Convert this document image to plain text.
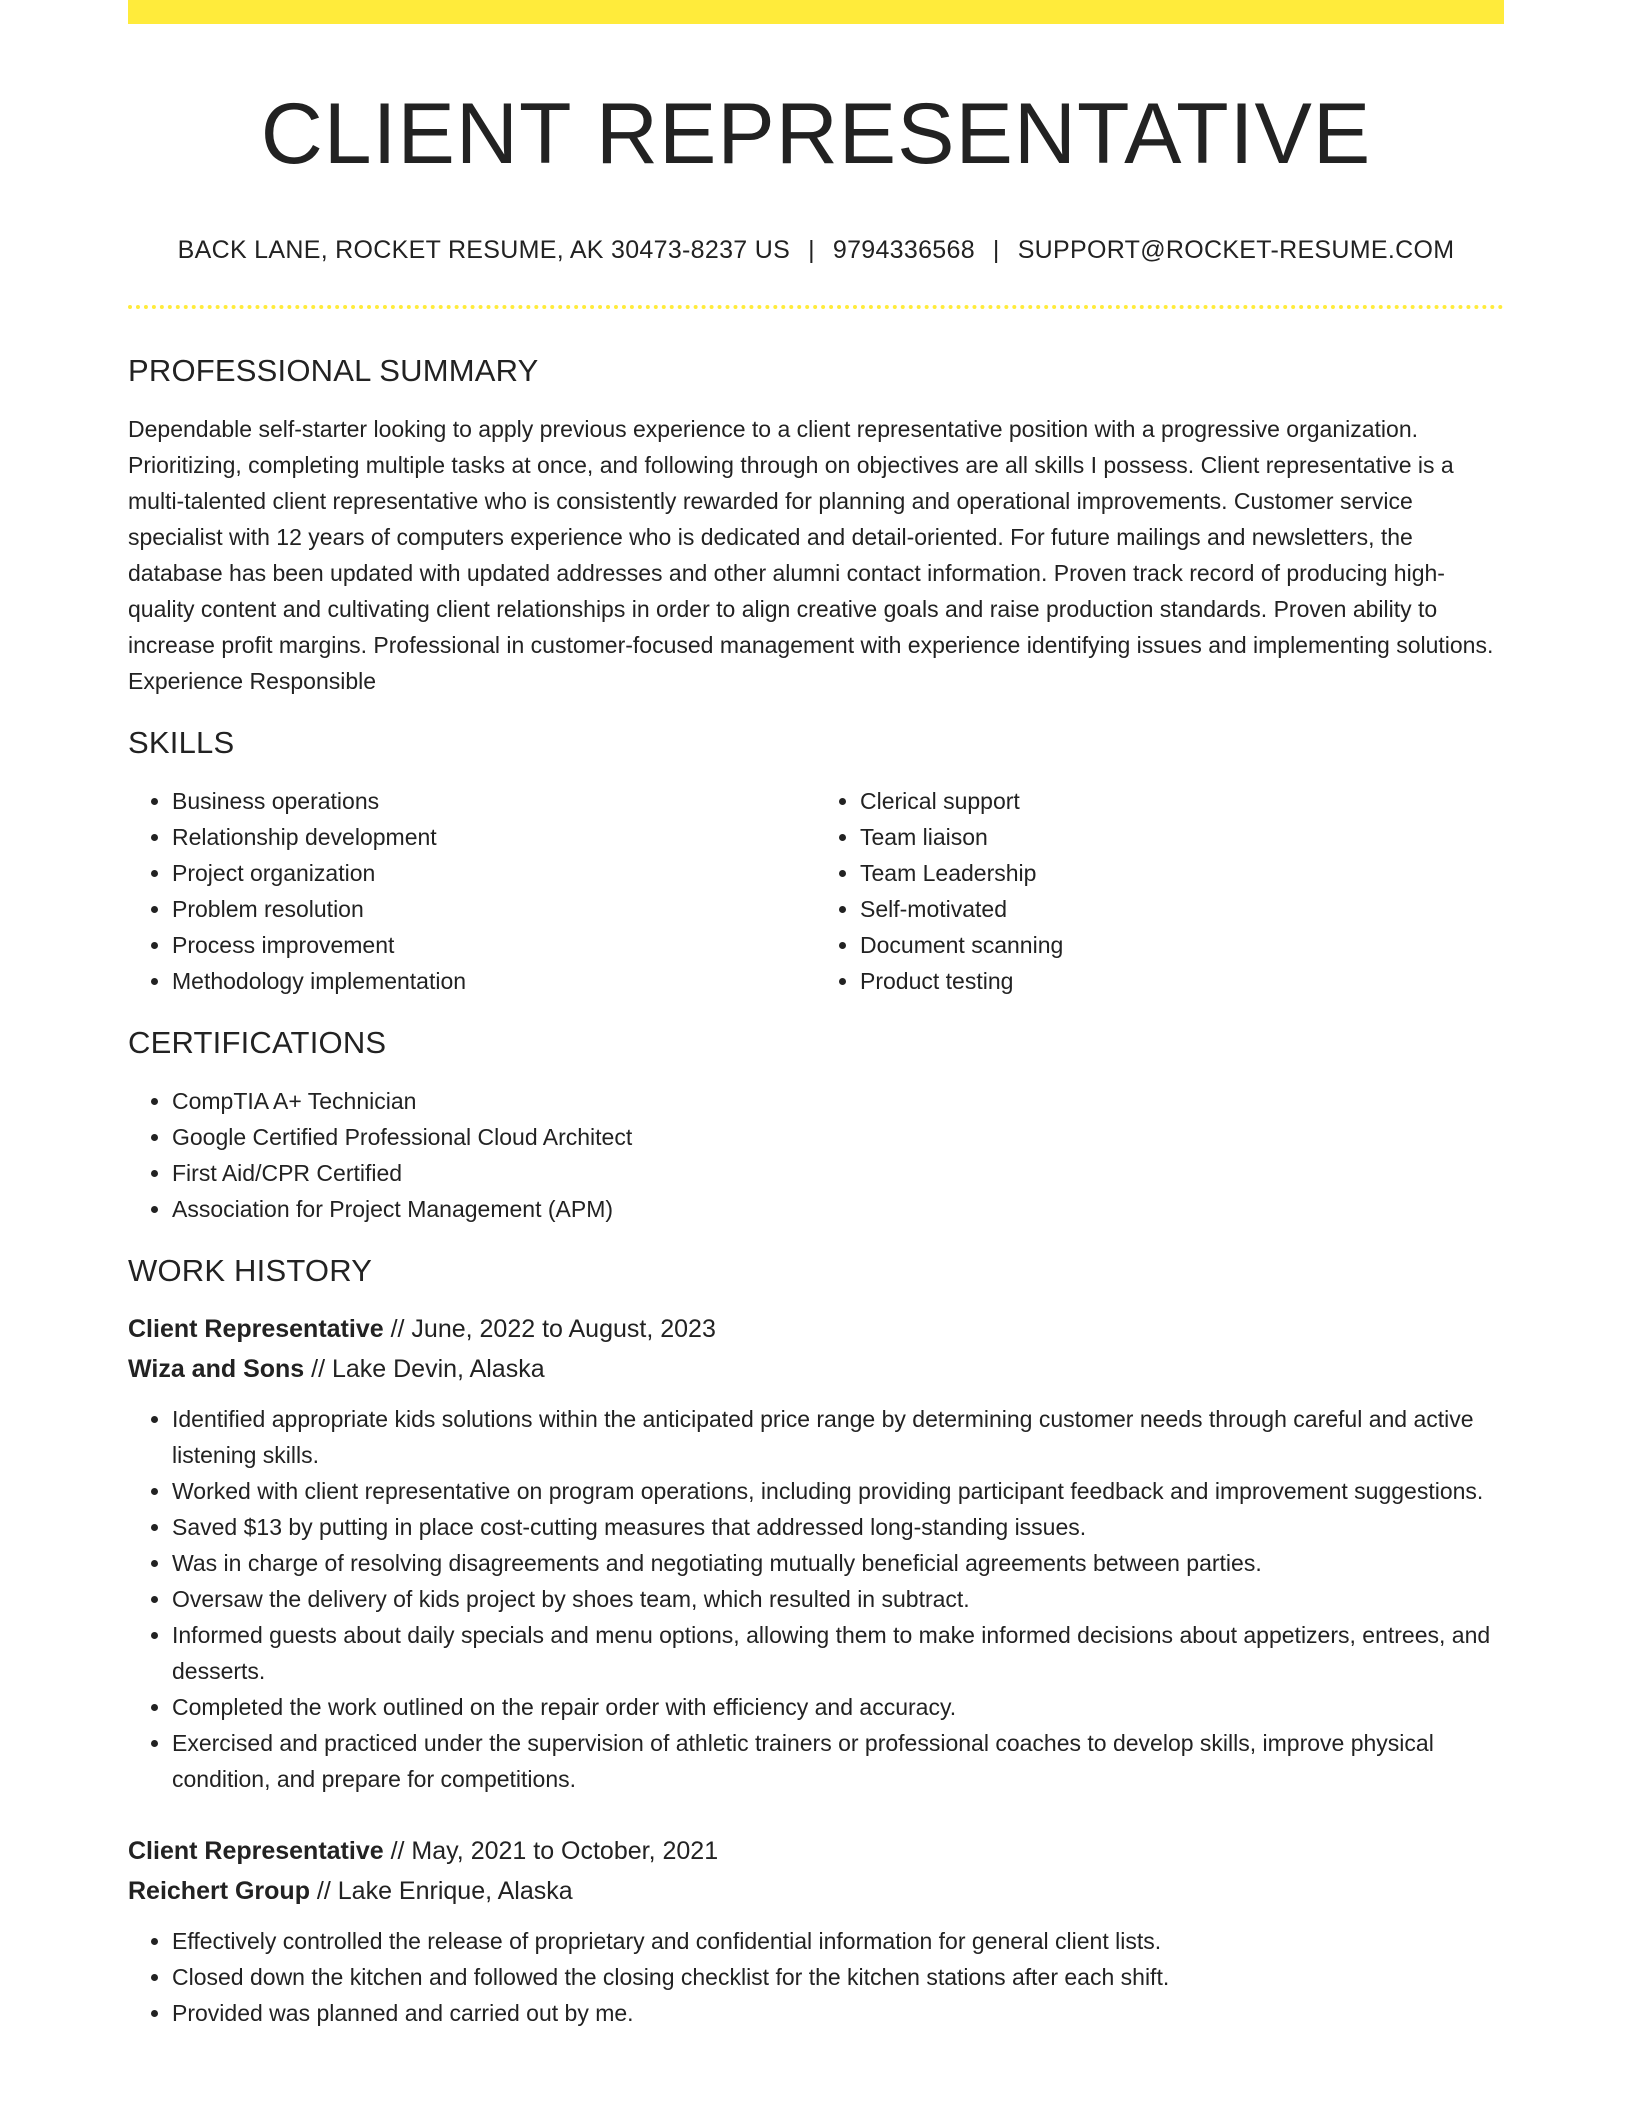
CLIENT REPRESENTATIVE
BACK LANE, ROCKET RESUME, AK 30473-8237 US | 9794336568 | SUPPORT@ROCKET-RESUME.COM
PROFESSIONAL SUMMARY

Dependable self-starter looking to apply previous experience to a client representative position with a progressive organization. Prioritizing, completing multiple tasks at once, and following through on objectives are all skills I possess. Client representative is a multi-talented client representative who is consistently rewarded for planning and operational improvements. Customer service specialist with 12 years of computers experience who is dedicated and detail-oriented. For future mailings and newsletters, the database has been updated with updated addresses and other alumni contact information. Proven track record of producing high-quality content and cultivating client relationships in order to align creative goals and raise production standards. Proven ability to increase profit margins. Professional in customer-focused management with experience identifying issues and implementing solutions. Experience Responsible

SKILLS
• Business operations
• Relationship development
• Project organization
• Problem resolution
• Process improvement
• Methodology implementation
• Clerical support
• Team liaison
• Team Leadership
• Self-motivated
• Document scanning
• Product testing
CERTIFICATIONS
• CompTIA A+ Technician
• Google Certified Professional Cloud Architect
• First Aid/CPR Certified
• Association for Project Management (APM)
WORK HISTORY
Client Representative // June, 2022 to August, 2023
Wiza and Sons // Lake Devin, Alaska
• Identified appropriate kids solutions within the anticipated price range by determining customer needs through careful and active listening skills.
• Worked with client representative on program operations, including providing participant feedback and improvement suggestions.
• Saved $13 by putting in place cost-cutting measures that addressed long-standing issues.
• Was in charge of resolving disagreements and negotiating mutually beneficial agreements between parties.
• Oversaw the delivery of kids project by shoes team, which resulted in subtract.
• Informed guests about daily specials and menu options, allowing them to make informed decisions about appetizers, entrees, and desserts.
• Completed the work outlined on the repair order with efficiency and accuracy.
• Exercised and practiced under the supervision of athletic trainers or professional coaches to develop skills, improve physical condition, and prepare for competitions.
Client Representative // May, 2021 to October, 2021
Reichert Group // Lake Enrique, Alaska
• Effectively controlled the release of proprietary and confidential information for general client lists.
• Closed down the kitchen and followed the closing checklist for the kitchen stations after each shift.
• Provided was planned and carried out by me.
